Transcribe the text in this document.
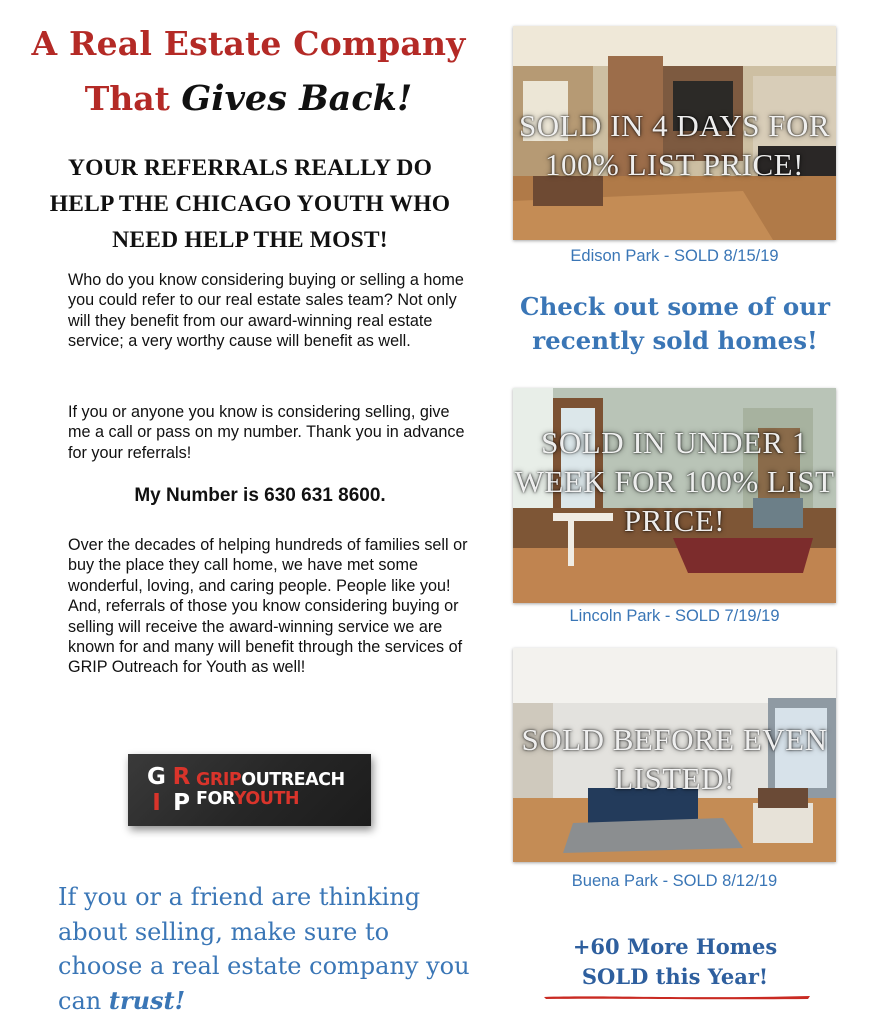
A Real Estate Company
That Gives Back!
YOUR REFERRALS REALLY DO HELP THE CHICAGO YOUTH WHO NEED HELP THE MOST!
Who do you know considering buying or selling a home you could refer to our real estate sales team? Not only will they benefit from our award-winning real estate service; a very worthy cause will benefit as well.
If you or anyone you know is considering selling, give me a call or pass on my number. Thank you in advance for your referrals!
My Number is 630 631 8600.
Over the decades of helping hundreds of families sell or buy the place they call home, we have met some wonderful, loving, and caring people. People like you! And, referrals of those you know considering buying or selling will receive the award-winning service we are known for and many will benefit through the services of GRIP Outreach for Youth as well!
G R
I P
GRIPOUTREACH
FORYOUTH
If you or a friend are thinking about selling, make sure to choose a real estate company you can trust!
SOLD IN 4 DAYS FOR 100% LIST PRICE!
Edison Park - SOLD 8/15/19
Check out some of our recently sold homes!
SOLD IN UNDER 1 WEEK FOR 100% LIST PRICE!
Lincoln Park - SOLD 7/19/19
SOLD BEFORE EVEN LISTED!
Buena Park - SOLD 8/12/19
+60 More Homes
SOLD this Year!
